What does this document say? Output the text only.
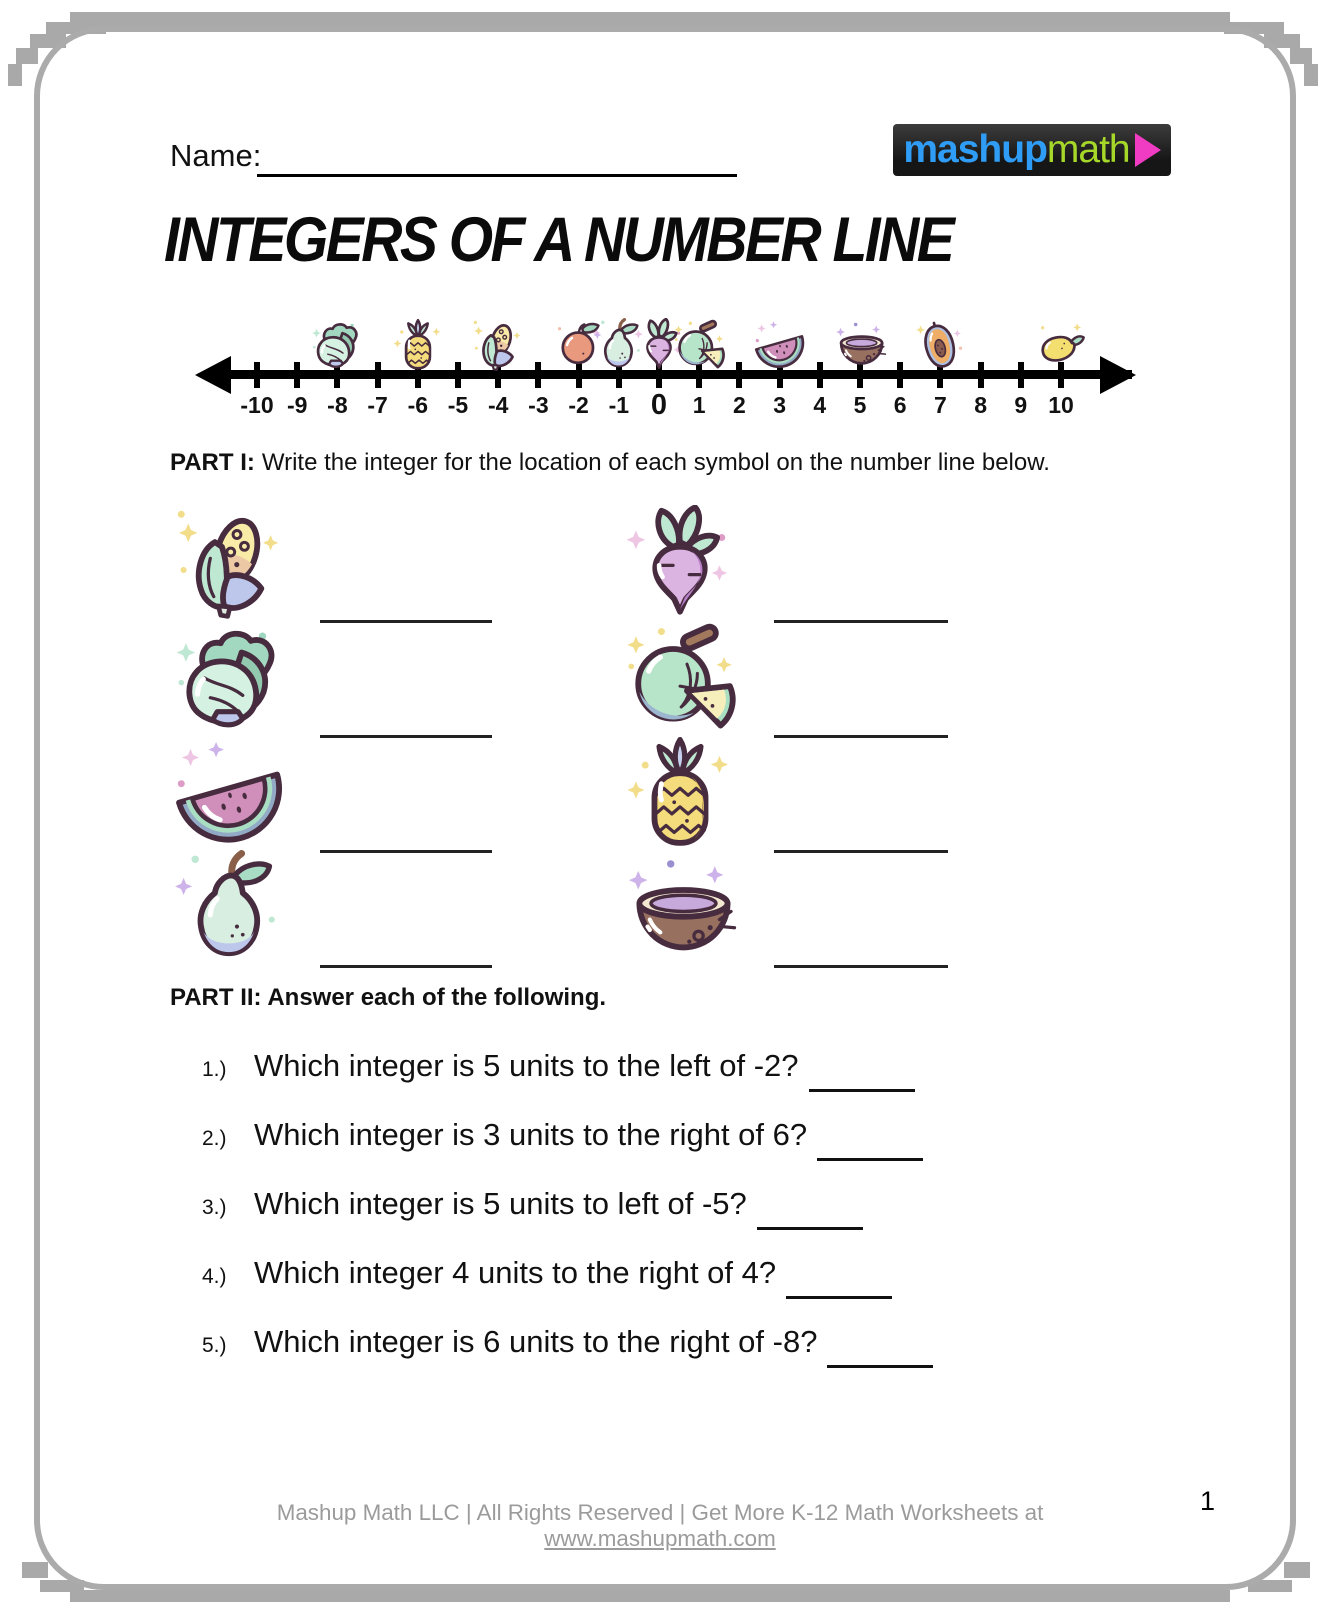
Name:	mashup math
INTEGERS OF A NUMBER LINE
-10 -9 -8 -7 -6 -5 -4 -3 -2 -1 0	1	2	3	4	5	6	7	8	9 10
PART I: Write the integer for the location of each symbol on the number line below.
PART II: Answer each of the following.
1.) Which integer is 5 units to the left of -2?
2.) Which integer is 3 units to the right of 6?
3.) Which integer is 5 units to left of -5?
4.) Which integer 4 units to the right of 4?
5.) Which integer is 6 units to the right of -8?
Mashup Math LLC | All Rights Reserved | Get More K-12 Math Worksheets at www.mashupmath.com
1
